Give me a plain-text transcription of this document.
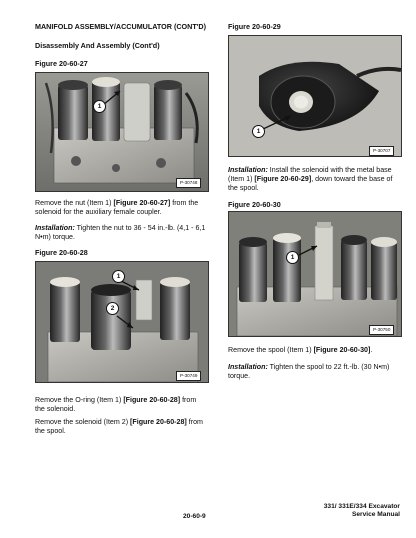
MANIFOLD ASSEMBLY/ACCUMULATOR (CONT'D)
Disassembly And Assembly (Cont'd)
Figure 20-60-27
1
P-30748
Remove the nut (Item 1) [Figure 20-60-27] from the solenoid for the auxiliary female coupler.
Installation: Tighten the nut to 36 - 54 in.-lb. (4,1 - 6,1 N•m) torque.
Figure 20-60-28
1
2
P-30749
Remove the O-ring (Item 1) [Figure 20-60-28] from the solenoid.
Remove the solenoid (Item 2) [Figure 20-60-28] from the spool.
Figure 20-60-29
1
P-30707
Installation: Install the solenoid with the metal base (Item 1) [Figure 20-60-29], down toward the base of the spool.
Figure 20-60-30
1
P-30750
Remove the spool (Item 1) [Figure 20-60-30].
Installation: Tighten the spool to 22 ft.-lb. (30 N•m) torque.
20-60-9
331/ 331E/334 Excavator
Service Manual
